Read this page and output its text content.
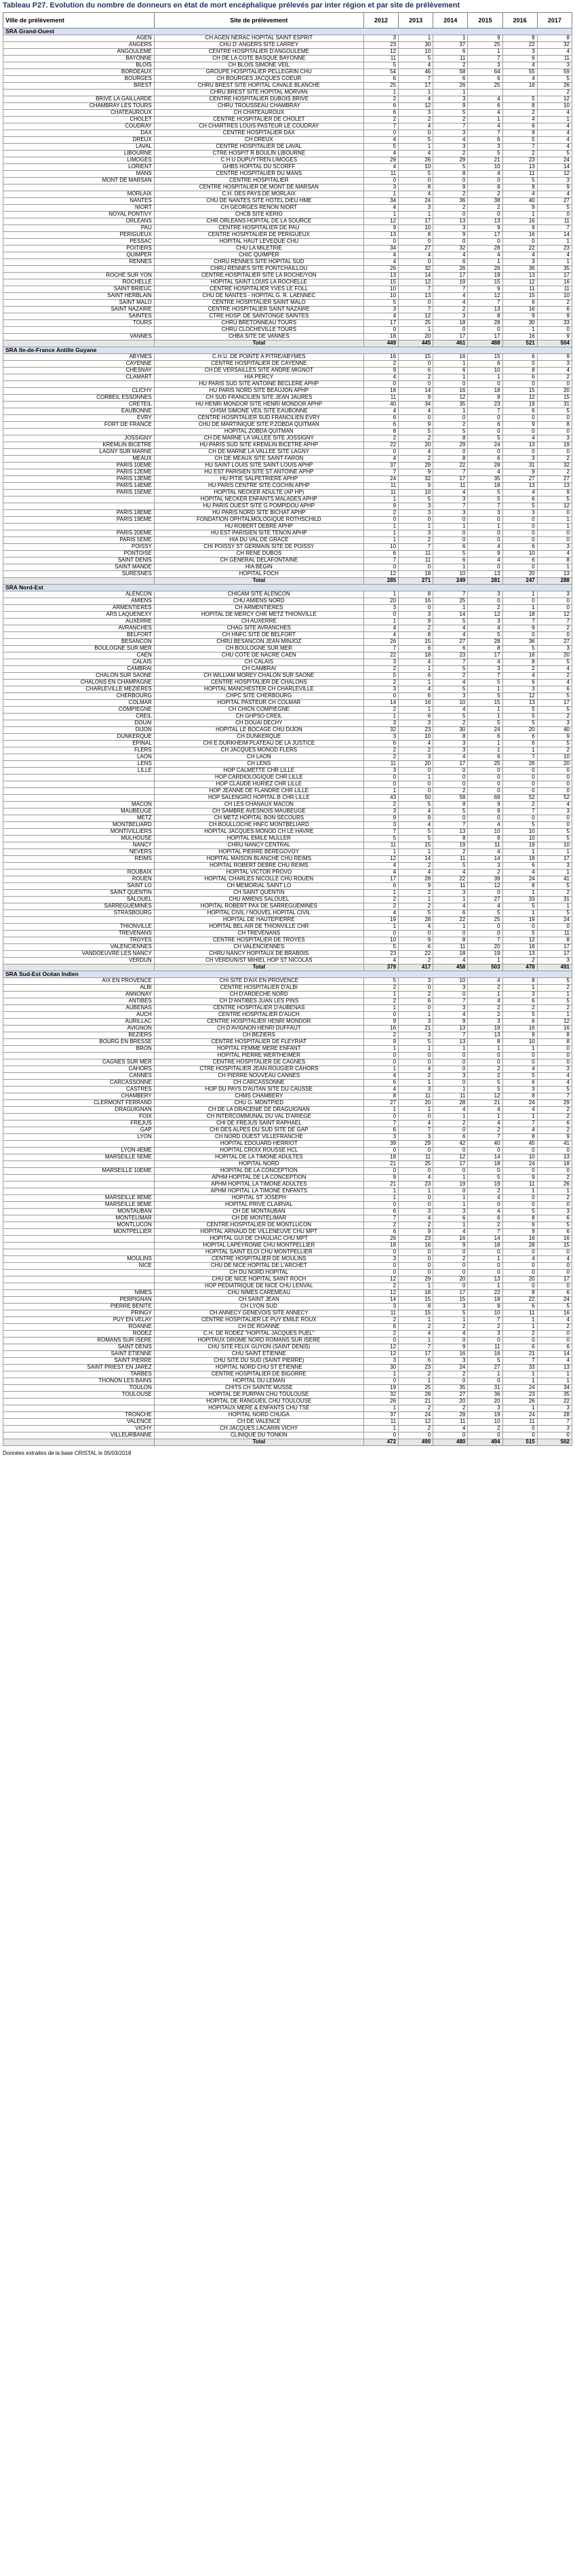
Tableau P27. Evolution du nombre de donneurs en état de mort encéphalique prélevés par inter région et par site de prélèvement
Ville de prélèvement	Site de prélèvement	2012	2013	2014	2015	2016	2017
SRA Grand-Ouest							
AGEN	CH AGEN NERAC HOPITAL SAINT ESPRIT	3	1	1	9	8	8
ANGERS	CHU D' ANGERS SITE LARREY	23	30	37	25	22	32
ANGOULEME	CENTRE HOSPITALIER D'ANGOULEME	12	10	6	1	3	4
BAYONNE	CH DE LA COTE BASQUE BAYONNE	11	5	11	7	6	11
BLOIS	CH BLOIS SIMONE VEIL	5	4	2	3	4	3
BORDEAUX	GROUPE HOSPITALIER PELLEGRIN CHU	54	46	58	64	55	59
BOURGES	CH BOURGES JACQUES COEUR	6	7	6	6	4	5
BREST	CHRU BREST SITE HOPITAL CAVALE BLANCHE	25	17	26	25	18	26
	CHRU BREST SITE HOPITAL MORVAN	1	1	1			2
BRIVE LA GAILLARDE	CENTRE HOSPITALIER DUBOIS BRIVE	2	4	3	4	5	12
CHAMBRAY LES TOURS	CHRU TROUSSEAU CHAMBRAY	6	12	9	6	8	10
CHATEAUROUX	CH CHATEAUROUX	6	3	5	4	2	4
CHOLET	CENTRE HOSPITALIER DE CHOLET	2	2	2	1	4	1
COUDRAY	CH CHARTRES LOUIS PASTEUR LE COUDRAY	7	4	7	4	6	4
DAX	CENTRE HOSPITALIER DAX	0	0	3	7	9	4
DREUX	CH DREUX	4	5	4	6	5	4
LAVAL	CENTRE HOSPITALIER DE LAVAL	5	1	3	3	7	4
LIBOURNE	CTRE HOSPIT R BOULIN LIBOURNE	4	4	2	5	2	5
LIMOGES	C H U DUPUYTREN LIMOGES	29	26	29	21	23	24
LORIENT	GHBS HOPITAL DU SCORFF	4	10	5	10	13	14
MANS	CENTRE HOSPITALIER DU MANS	11	5	8	4	11	12
MONT DE MARSAN	CENTRE HOSPITALIER	0	0	0	0	5	3
	CENTRE HOSPITALIER DE MONT DE MARSAN	3	8	9	8	8	9
MORLAIX	C.H. DES PAYS DE MORLAIX	1	4	2	2	4	4
NANTES	CHU DE NANTES SITE HOTEL DIEU HME	34	24	36	38	40	27
NIORT	CH GEORGES RENON NIORT	4	3	2	2	9	5
NOYAL PONTIVY	CHCB SITE KERIO	1	1	0	0	1	0
ORLEANS	CHR ORLEANS HOPITAL DE LA SOURCE	12	17	13	13	16	11
PAU	CENTRE HOSPITALIER DE PAU	9	10	3	9	9	7
PERIGUEUX	CENTRE HOSPITALIER DE PERIGUEUX	13	8	9	17	16	14
PESSAC	HOPITAL HAUT LEVEQUE CHU	0	0	0	0	0	1
POITIERS	CHU LA MILETRIE	34	27	32	28	22	23
QUIMPER	CHIC QUIMPER	4	4	4	4	4	4
RENNES	CHRU RENNES SITE HOPITAL SUD	4	0	6	1	3	1
	CHRU RENNES SITE PONTCHAILLOU	26	32	26	26	36	35
ROCHE SUR YON	CENTRE HOSPITALIER SITE LA ROCHE/YON	13	14	17	19	13	17
ROCHELLE	HOPITAL SAINT LOUIS LA ROCHELLE	15	12	19	15	12	16
SAINT BRIEUC	CENTRE HOSPITALIER YVES LE FOLL	10	7	7	9	11	11
SAINT HERBLAIN	CHU DE NANTES - HOPITAL G. R. LAENNEC	10	13	4	12	15	10
SAINT MALO	CENTRE HOSPITALIER SAINT MALO	5	0	4	7	6	2
SAINT NAZAIRE	CENTRE HOSPITALIER SAINT NAZAIRE	3	7	2	13	16	6
SAINTES	CTRE HOSP. DE SAINTONGE SAINTES	4	12	3	8	9	9
TOURS	CHRU BRETONNEAU TOURS	17	25	18	28	30	33
	CHRU CLOCHEVILLE TOURS	0	1	0	0	1	0
VANNES	CHBA SITE DE VANNES	18	20	17	17	16	9
	Total	449	445	461	488	521	504
SRA Ile-de-France Antille Guyane							
ABYMES	C.H.U. DE POINTE A PITRE/ABYMES	16	15	16	15	6	9
CAYENNE	CENTRE HOSPITALIER DE CAYENNE	2	0	1	6	0	3
CHESNAY	CH DE VERSAILLES SITE ANDRE MIGNOT	9	6	6	10	8	4
CLAMART	HIA PERCY	4	2	1	1	6	2
	HU PARIS SUD SITE ANTOINE BECLERE APHP	0	0	0	0	0	0
CLICHY	HU PARIS NORD SITE BEAUJON APHP	18	14	16	18	15	20
CORBEIL ESSONNES	CH SUD FRANCILIEN SITE JEAN JAURES	11	9	12	8	12	15
CRETEIL	HU HENRI MONDOR SITE HENRI MONDOR APHP	40	34	35	23	19	31
EAUBONNE	CHSM SIMONE VEIL SITE EAUBONNE	4	4	1	7	6	5
EVRY	CENTRE HOSPITALIER SUD FRANCILIEN EVRY	6	0	0	0	0	0
FORT DE FRANCE	CHU DE MARTINIQUE SITE P.ZOBDA QUITMAN	6	9	2	6	9	8
	HOPITAL ZOBDA QUITMAN	8	5	5	0	0	0
JOSSIGNY	CH DE MARNE LA VALLEE SITE JOSSIGNY	2	2	8	5	4	3
KREMLIN BICETRE	HU PARIS SUD SITE KREMLIN BICETRE APHP	22	20	29	24	13	19
LAGNY SUR MARNE	CH DE MARNE LA VALLEE SITE LAGNY	0	4	0	0	0	0
MEAUX	CH DE MEAUX SITE SAINT FARON	4	2	8	6	3	2
PARIS 10EME	HU SAINT LOUIS SITE SAINT LOUIS APHP	37	29	22	28	31	32
PARIS 12EME	HU EST PARISIEN SITE ST ANTOINE APHP	7	9	7	4	9	2
PARIS 13EME	HU PITIE SALPETRIERE APHP	24	32	17	35	27	27
PARIS 14EME	HU PARIS CENTRE SITE COCHIN APHP	11	9	11	18	13	13
PARIS 15EME	HOPITAL NECKER ADULTE (AP HP)	11	10	4	5	4	9
	HOPITAL NECKER ENFANTS MALADES APHP	1	5	3	5	6	5
	HU PARIS OUEST SITE G POMPIDOU APHP	9	3	7	7	5	12
PARIS 18EME	HU PARIS NORD SITE BICHAT APHP	2	3	3	3	3	0
PARIS 19EME	FONDATION OPHTALMOLOGIQUE ROTHSCHILD	0	0	0	0	0	1
	HU ROBERT DEBRE APHP	1	1	1	1	0	1
PARIS 20EME	HU EST PARISIEN SITE TENON APHP	1	3	0	0	0	0
PARIS 5EME	HIA DU VAL DE GRACE	1	2	0	0	0	0
POISSY	CHI POISSY ST GERMAIN SITE DE POISSY	10	7	6	4	6	3
PONTOISE	CH RENE DUBOS	6	11	5	9	10	4
SAINT DENIS	CH GENERAL DELAFONTAINE	7	11	6	4	6	8
SAINT MANDE	HIA BEGIN	0	0	1	0	0	1
SURESNES	HOPITAL FOCH	12	18	10	13	20	13
	Total	285	271	249	281	247	288
SRA Nord-Est							
ALENCON	CHICAM SITE ALENCON	1	8	7	3	1	3
AMIENS	CHU AMIENS NORD	20	16	25	0	0	0
ARMENTIERES	CH ARMENTIERES	3	0	1	2	1	0
ARS LAQUENEXY	HOPITAL DE MERCY CHR METZ THIONVILLE	0	3	14	12	18	12
AUXERRE	CH AUXERRE	1	9	5	3	7	7
AVRANCHES	CHAG SITE AVRANCHES	4	2	4	4	9	2
BELFORT	CH HNFC SITE DE BELFORT	4	8	4	5	0	0
BESANCON	CHRU BESANCON JEAN MINJOZ	26	15	27	28	36	27
BOULOGNE SUR MER	CH BOULOGNE SUR MER	7	6	6	8	5	3
CAEN	CHU COTE DE NACRE CAEN	22	18	23	17	16	20
CALAIS	CH CALAIS	3	4	7	4	8	5
CAMBRAI	CH CAMBRAI	2	1	5	3	2	4
CHALON SUR SAONE	CH WILLIAM MOREY CHALON SUR SAONE	5	6	2	7	4	2
CHALONS EN CHAMPAGNE	CENTRE HOSPITALIER DE CHALONS	2	1	4	5	6	4
CHARLEVILLE MEZIERES	HOPITAL MANCHESTER CH CHARLEVILLE	3	4	5	1	3	6
CHERBOURG	CHPC SITE CHERBOURG	0	6	3	5	12	5
COLMAR	HOPITAL PASTEUR CH COLMAR	14	16	10	15	13	17
COMPIEGNE	CH CHICN COMPIEGNE	2	1	4	1	5	5
CREIL	CH GHPSO CREIL	1	6	5	1	5	2
DOUAI	CH DOUAI DECHY	3	3	2	5	5	3
DIJON	HOPITAL LE BOCAGE CHU DIJON	32	23	30	24	20	40
DUNKERQUE	CH DUNKERQUE	3	10	8	6	6	9
EPINAL	CHI E DURKHEIM PLATEAU DE LA JUSTICE	6	4	3	1	6	5
FLERS	CH JACQUES MONOD FLERS	2	2	3	1	1	2
LAON	CH LAON	2	3	4	6	7	10
LENS	CH LENS	11	20	17	25	26	20
LILLE	HOP CALMETTE CHR LILLE	3	0	0	0	0	0
	HOP CARDIOLOGIQUE CHR LILLE	0	1	0	0	0	0
	HOP CLAUDE HURIEZ CHR LILLE	0	0	0	0	0	0
	HOP JEANNE DE FLANDRE CHR LILLE	1	0	2	0	0	0
	HOP SALENGRO HOPITAL B CHR LILLE	43	50	58	69	52	52
MACON	CH LES CHANAUX MACON	2	5	8	9	2	4
MAUBEUGE	CH SAMBRE AVESNOIS MAUBEUGE	3	4	5	9	7	3
METZ	CH METZ HOPITAL BON SECOURS	9	9	0	0	0	0
MONTBELIARD	CH BOULLOCHE HNFC MONTBELIARD	3	4	7	4	5	0
MONTIVILLIERS	HOPITAL JACQUES MONOD CH LE HAVRE	7	5	13	10	10	5
MULHOUSE	HOPITAL EMILE MULLER	5	5	8	9	10	5
NANCY	CHRU NANCY CENTRAL	11	15	19	11	19	10
NEVERS	HOPITAL PIERRE BEREGOVOY	1	1	2	4	1	1
REIMS	HOPITAL MAISON BLANCHE CHU REIMS	12	14	11	14	18	17
	HOPITAL ROBERT DEBRE CHU REIMS	4	2	5	3	6	3
ROUBAIX	HOPITAL VICTOR PROVO	4	4	4	2	4	1
ROUEN	HOPITAL CHARLES NICOLLE CHU ROUEN	17	28	22	39	24	41
SAINT LO	CH MEMORIAL SAINT LO	6	9	11	12	8	5
SAINT QUENTIN	CH SAINT QUENTIN	1	2	3	0	1	2
SALOUEL	CHU AMIENS SALOUEL	2	1	1	27	33	31
SARREGUEMINES	HOPITAL ROBERT PAX DE SARREGUEMINES	2	2	4	4	5	1
STRASBOURG	HOPITAL CIVIL / NOUVEL HOPITAL CIVIL	4	5	6	5	1	5
	HOPITAL DE HAUTEPIERRE	19	28	22	25	19	24
THIONVILLE	HOPITAL BEL AIR DE THIONVILLE CHR	1	4	1	0	0	0
TREVENANS	CH TREVENANS	0	0	0	0	5	11
TROYES	CENTRE HOSPITALIER DE TROYES	10	9	8	7	12	8
VALENCIENNES	CH VALENCIENNES	5	6	11	20	18	17
VANDOEUVRE LES NANCY	CHRU NANCY HOPITAUX DE BRABOIS	23	22	18	19	13	17
VERDUN	CH VERDUN/ST MIHIEL HOP ST NICOLAS	4	2	4	1	2	3
	Total	379	417	458	503	478	491
SRA Sud-Est Océan Indien							
AIX EN PROVENCE	CHI SITE D'AIX EN PROVENCE	5	3	10	4	8	5
ALBI	CENTRE HOSPITALIER D'ALBI	2	0	3	2	1	2
ANNONAY	CH D'ARDECHE NORD	1	2	0	1	3	1
ANTIBES	CH D'ANTIBES JUAN LES PINS	2	6	7	4	6	5
AUBENAS	CENTRE HOSPITALIER D'AUBENAS	1	0	3	2	2	2
AUCH	CENTRE HOSPITALIER D'AUCH	0	1	4	2	5	1
AURILLAC	CENTRE HOSPITALIER HENRI MONDOR	9	3	9	3	6	12
AVIGNON	CH D'AVIGNON HENRI DUFFAUT	16	21	13	19	16	16
BEZIERS	CH BEZIERS	2	3	7	13	9	8
BOURG EN BRESSE	CENTRE HOSPITALIER DE FLEYRIAT	9	5	13	8	10	8
BRON	HOPITAL FEMME MERE ENFANT	1	1	1	1	1	0
	HOPITAL PIERRE WERTHEIMER	0	0	0	0	0	0
CAGNES SUR MER	CENTRE HOSPITALIER DE CAGNES	0	0	0	0	0	0
CAHORS	CTRE HOSPITALIER JEAN ROUGIER CAHORS	1	4	0	2	4	3
CANNES	CH PIERRE NOUVEAU CANNES	4	2	3	2	5	4
CARCASSONNE	CH CARCASSONNE	6	1	0	5	6	4
CASTRES	HOP DU PAYS D'AUTAN SITE DU CAUSSE	4	3	1	5	3	5
CHAMBERY	CHMS CHAMBERY	8	11	11	12	8	7
CLERMONT FERRAND	CHU G. MONTPIED	27	20	28	21	24	29
DRAGUIGNAN	CH DE LA DRACENIE DE DRAGUIGNAN	1	1	4	4	4	2
FOIX	CH INTERCOMMUNAL DU VAL D'ARIEGE	0	0	1	1	1	2
FREJUS	CHI DE FREJUS SAINT RAPHAEL	7	4	2	4	7	6
GAP	CHI DES ALPES DU SUD SITE DE GAP	6	7	0	2	4	2
LYON	CH NORD OUEST VILLEFRANCHE	3	3	6	7	8	9
	HOPITAL EDOUARD HERRIOT	39	29	42	40	45	41
LYON 4EME	HOPITAL CROIX ROUSSE HCL	0	0	0	0	0	0
MARSEILLE 5EME	HOPITAL DE LA TIMONE ADULTES	18	11	12	14	10	13
	HOPITAL NORD	21	25	17	18	24	18
MARSEILLE 10EME	HOPITAL DE LA CONCEPTION	0	0	0	0	0	0
	APHM HOPITAL DE LA CONCEPTION	9	4	1	5	9	2
	APHM HOPITAL LA TIMONE ADULTES	21	23	19	19	11	26
	APHM HOPITAL LA TIMONE ENFANTS	1	1	0	2	1	1
MARSEILLE 8EME	HOPITAL ST JOSEPH	1	0	1	4	0	2
MARSEILLE 9EME	HOPITAL PRIVE CLAIRVAL	0	0	1	0	0	0
MONTAUBAN	CH DE MONTAUBAN	6	3	3	4	5	3
MONTELIMAR	CH DE MONTELIMAR	7	4	6	6	8	6
MONTLUCON	CENTRE HOSPITALIER DE MONTLUCON	2	2	1	2	6	5
MONTPELLIER	HOPITAL ARNAUD DE VILLENEUVE CHU MPT	6	9	4	7	9	6
	HOPITAL GUI DE CHAULIAC CHU MPT	26	23	16	14	16	16
	HOPITAL LAPEYRONIE CHU MONTPELLIER	18	16	9	18	28	15
	HOPITAL SAINT ELOI CHU MONTPELLIER	0	0	0	0	0	0
MOULINS	CENTRE HOSPITALIER DE MOULINS	3	0	2	1	4	4
NICE	CHU DE NICE HOPITAL DE L'ARCHET	0	0	0	0	0	0
	CH DU NORD HOPITAL	0	0	0	0	0	0
	CHU DE NICE HOPITAL SAINT ROCH	12	29	20	13	20	17
	HOP PEDIATRIQUE DE NICE CHU LENVAL	2	1	0	1	0	0
NIMES	CHU NIMES CAREMEAU	12	18	17	22	8	6
PERPIGNAN	CH SAINT JEAN	14	15	15	18	22	24
PIERRE BENITE	CH LYON SUD	3	8	3	9	6	5
PRINGY	CH ANNECY GENEVOIS SITE ANNECY	11	15	5	10	11	16
PUY EN VELAY	CENTRE HOSPITALIER LE PUY EMILE ROUX	2	1	1	7	1	4
ROANNE	CH DE ROANNE	6	2	2	2	1	2
RODEZ	C.H. DE RODEZ "HOPITAL JACQUES PUEL"	2	4	4	3	2	0
ROMANS SUR ISERE	HOPITAUX DROME NORD ROMANS SUR ISERE	0	1	0	0	0	0
SAINT DENIS	CHU SITE FELIX GUYON (SAINT DENIS)	12	7	9	11	6	6
SAINT ETIENNE	CHU SAINT ETIENNE	12	17	16	16	21	14
SAINT PIERRE	CHU SITE DU SUD (SAINT PIERRE)	3	6	3	5	7	4
SAINT PRIEST EN JAREZ	HOPITAL NORD CHU ST ETIENNE	30	23	24	27	33	13
TARBES	CENTRE HOSPITALIER DE BIGORRE	1	2	2	1	1	1
THONON LES BAINS	HOPITAL DU LEMAN	0	1	0	0	1	1
TOULON	CHITS CH SAINTE MUSSE	19	25	35	31	24	34
TOULOUSE	HOPITAL DE PURPAN CHU TOULOUSE	32	28	27	36	23	35
	HOPITAL DE RANGUEIL CHU TOULOUSE	26	21	20	20	26	22
	HOPITAUX MERE & ENFANTS CHU TSE	1	2	2	3	1	3
TRONCHE	HOPITAL NORD CHUGA	37	24	29	19	24	28
VALENCE	CH DE VALENCE	11	12	11	10	11	7
VICHY	CH JACQUES LACARIN VICHY	1	2	4	2	0	3
VILLEURBANNE	CLINIQUE DU TONKIN	0	0	0	0	0	0
	Total	472	490	480	494	515	502
Données extraites de la base CRISTAL le 05/03/2018
